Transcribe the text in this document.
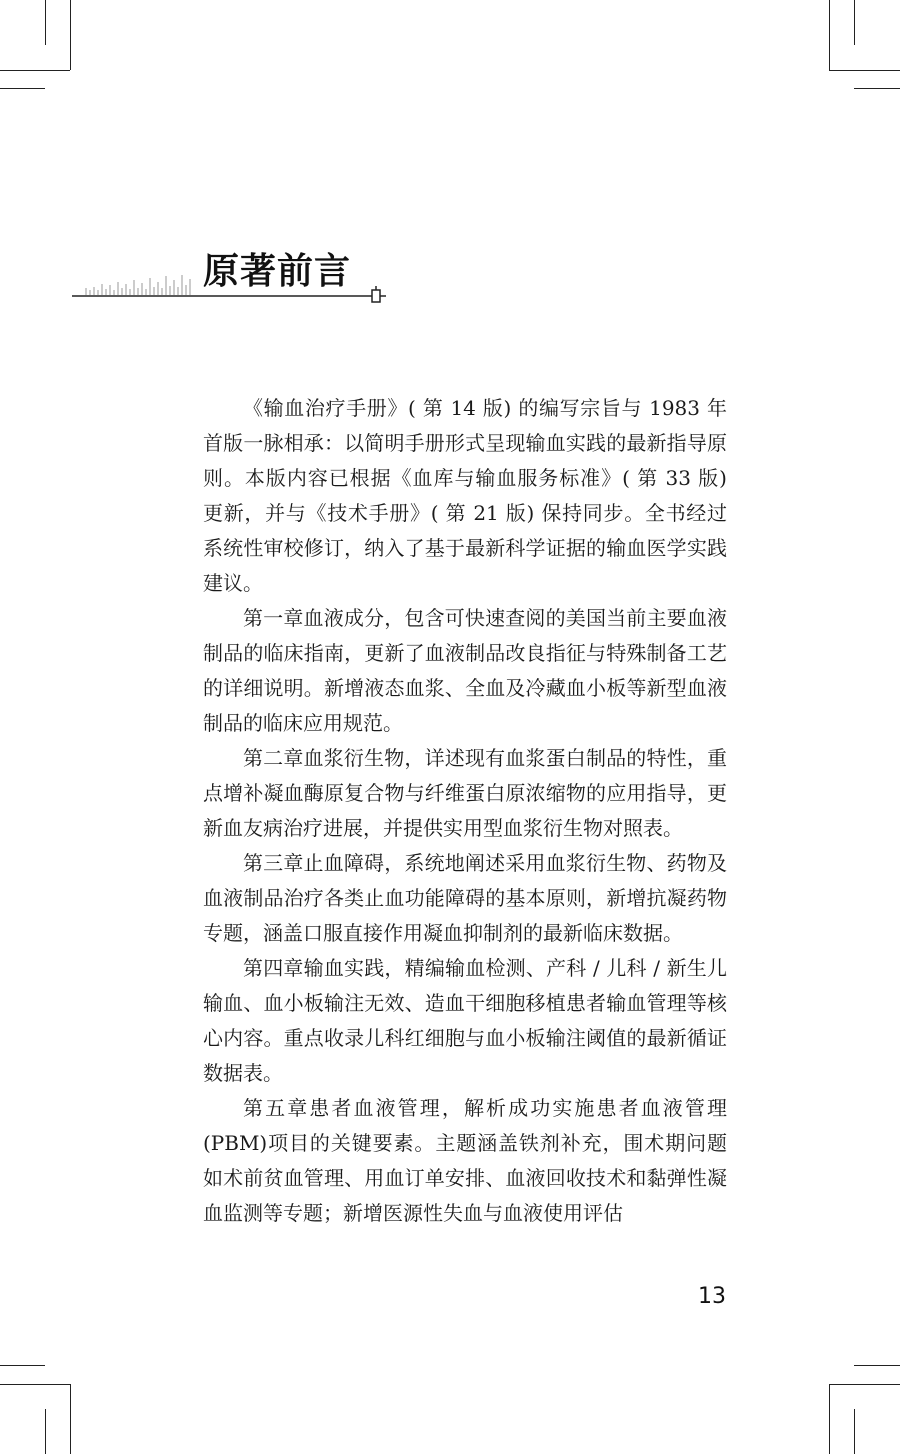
原著前言

《输血治疗手册》( 第 14 版) 的编写宗旨与 1983 年首版一脉相承：以简明手册形式呈现输血实践的最新指导原则。本版内容已根据《血库与输血服务标准》( 第 33 版) 更新，并与《技术手册》( 第 21 版) 保持同步。全书经过系统性审校修订，纳入了基于最新科学证据的输血医学实践建议。

第一章血液成分，包含可快速查阅的美国当前主要血液制品的临床指南，更新了血液制品改良指征与特殊制备工艺的详细说明。新增液态血浆、全血及冷藏血小板等新型血液制品的临床应用规范。

第二章血浆衍生物，详述现有血浆蛋白制品的特性，重点增补凝血酶原复合物与纤维蛋白原浓缩物的应用指导，更新血友病治疗进展，并提供实用型血浆衍生物对照表。

第三章止血障碍，系统地阐述采用血浆衍生物、药物及血液制品治疗各类止血功能障碍的基本原则，新增抗凝药物专题，涵盖口服直接作用凝血抑制剂的最新临床数据。

第四章输血实践，精编输血检测、产科 / 儿科 / 新生儿输血、血小板输注无效、造血干细胞移植患者输血管理等核心内容。重点收录儿科红细胞与血小板输注阈值的最新循证数据表。

第五章患者血液管理，解析成功实施患者血液管理(PBM)项目的关键要素。主题涵盖铁剂补充，围术期问题如术前贫血管理、用血订单安排、血液回收技术和黏弹性凝血监测等专题；新增医源性失血与血液使用评估

13
